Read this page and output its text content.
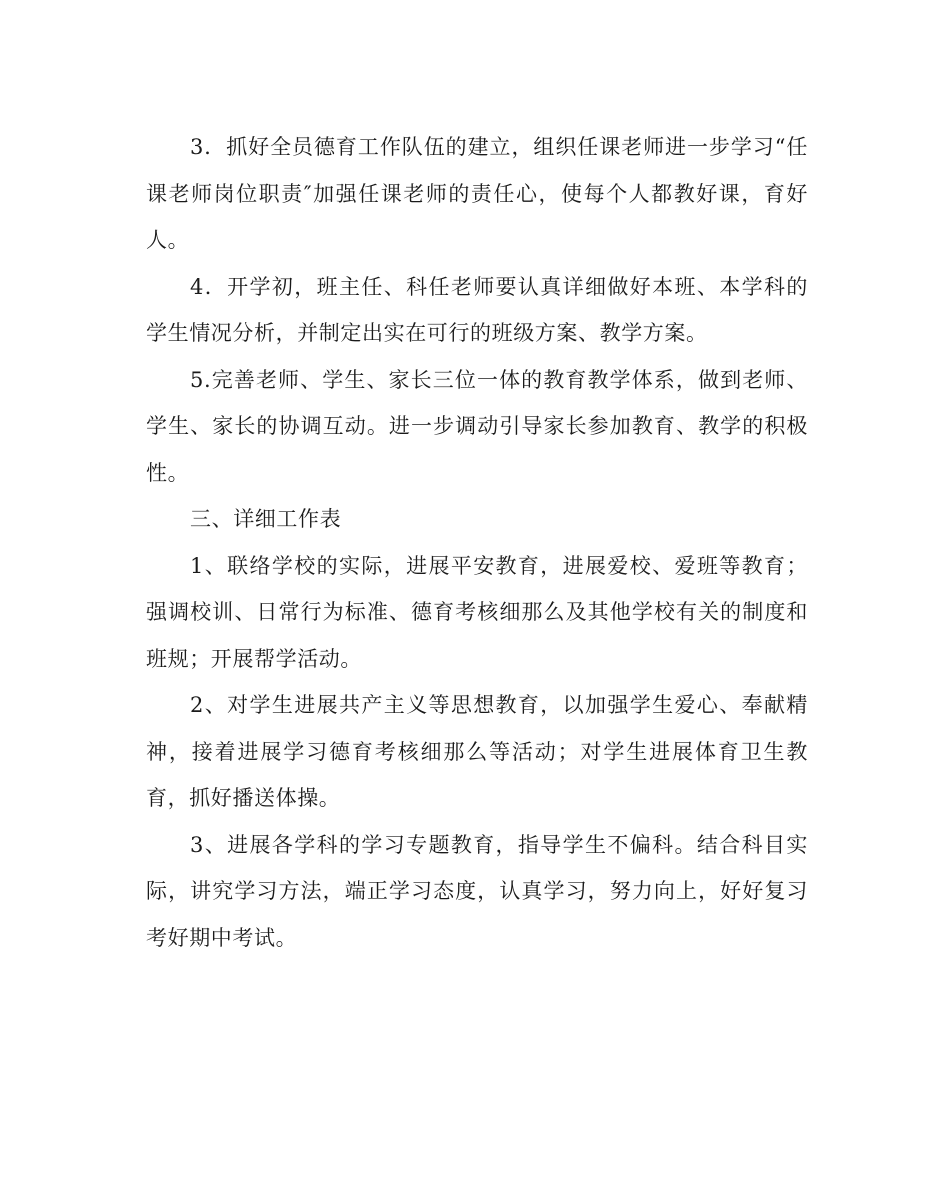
3．抓好全员德育工作队伍的建立，组织任课老师进一步学习“任课老师岗位职责″加强任课老师的责任心，使每个人都教好课，育好人。

4．开学初，班主任、科任老师要认真详细做好本班、本学科的学生情况分析，并制定出实在可行的班级方案、教学方案。

5.完善老师、学生、家长三位一体的教育教学体系，做到老师、学生、家长的协调互动。进一步调动引导家长参加教育、教学的积极性。

三、详细工作表

1、联络学校的实际，进展平安教育，进展爱校、爱班等教育；强调校训、日常行为标准、德育考核细那么及其他学校有关的制度和班规；开展帮学活动。

2、对学生进展共产主义等思想教育，以加强学生爱心、奉献精神，接着进展学习德育考核细那么等活动；对学生进展体育卫生教育，抓好播送体操。

3、进展各学科的学习专题教育，指导学生不偏科。结合科目实际，讲究学习方法，端正学习态度，认真学习，努力向上，好好复习考好期中考试。
